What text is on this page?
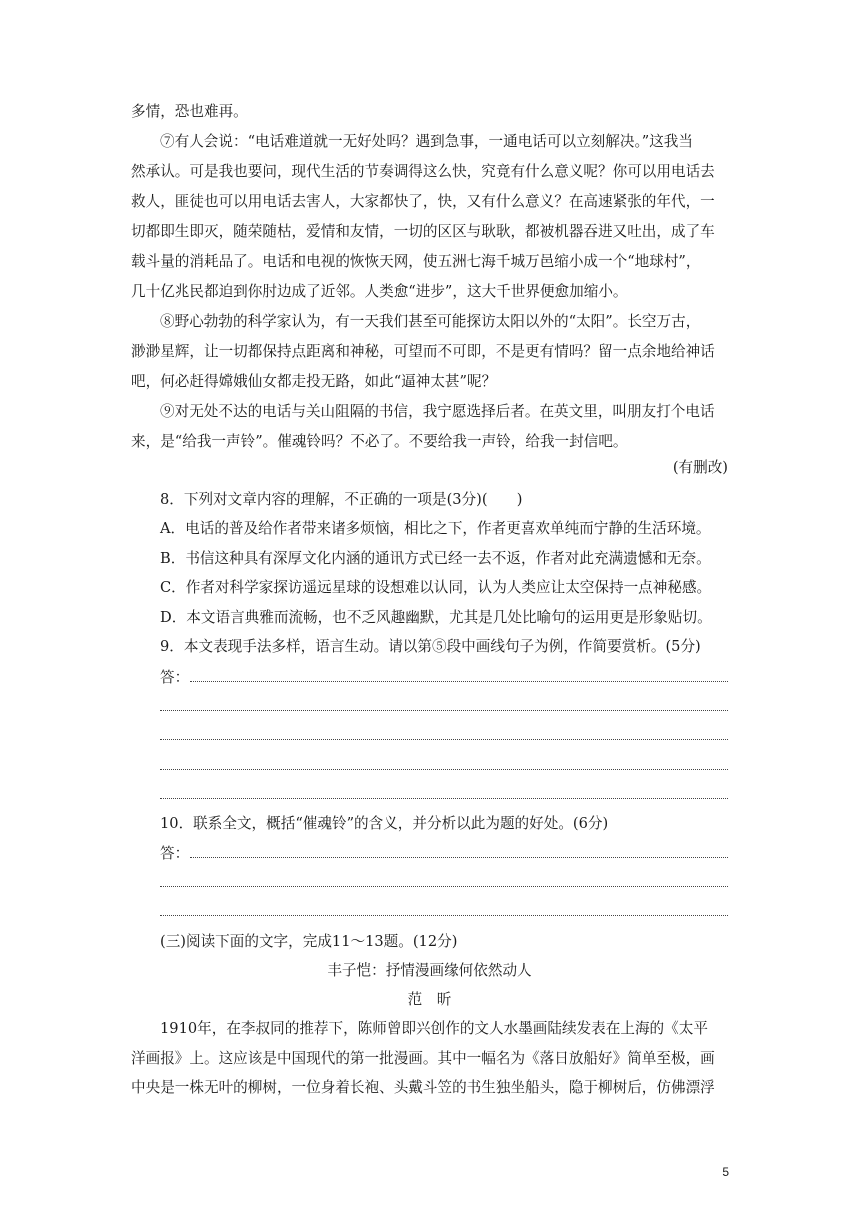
多情，恐也难再。
⑦有人会说：“电话难道就一无好处吗？遇到急事，一通电话可以立刻解决。”这我当
然承认。可是我也要问，现代生活的节奏调得这么快，究竟有什么意义呢？你可以用电话去
救人，匪徒也可以用电话去害人，大家都快了，快，又有什么意义？在高速紧张的年代，一
切都即生即灭，随荣随枯，爱情和友情，一切的区区与耿耿，都被机器吞进又吐出，成了车
载斗量的消耗品了。电话和电视的恢恢天网，使五洲七海千城万邑缩小成一个“地球村”，
几十亿兆民都迫到你肘边成了近邻。人类愈“进步”，这大千世界便愈加缩小。
⑧野心勃勃的科学家认为，有一天我们甚至可能探访太阳以外的“太阳”。长空万古，
渺渺星辉，让一切都保持点距离和神秘，可望而不可即，不是更有情吗？留一点余地给神话
吧，何必赶得嫦娥仙女都走投无路，如此“逼神太甚”呢？
⑨对无处不达的电话与关山阻隔的书信，我宁愿选择后者。在英文里，叫朋友打个电话
来，是“给我一声铃”。催魂铃吗？不必了。不要给我一声铃，给我一封信吧。
(有删改)
8．下列对文章内容的理解，不正确的一项是(3分)(　　)
A．电话的普及给作者带来诸多烦恼，相比之下，作者更喜欢单纯而宁静的生活环境。
B．书信这种具有深厚文化内涵的通讯方式已经一去不返，作者对此充满遗憾和无奈。
C．作者对科学家探访遥远星球的设想难以认同，认为人类应让太空保持一点神秘感。
D．本文语言典雅而流畅，也不乏风趣幽默，尤其是几处比喻句的运用更是形象贴切。
9．本文表现手法多样，语言生动。请以第⑤段中画线句子为例，作简要赏析。(5分)
答：
10．联系全文，概括“催魂铃”的含义，并分析以此为题的好处。(6分)
答：
(三)阅读下面的文字，完成11～13题。(12分)
丰子恺：抒情漫画缘何依然动人
范　昕
1910年，在李叔同的推荐下，陈师曾即兴创作的文人水墨画陆续发表在上海的《太平
洋画报》上。这应该是中国现代的第一批漫画。其中一幅名为《落日放船好》简单至极，画
中央是一株无叶的柳树，一位身着长袍、头戴斗笠的书生独坐船头，隐于柳树后，仿佛漂浮
5
